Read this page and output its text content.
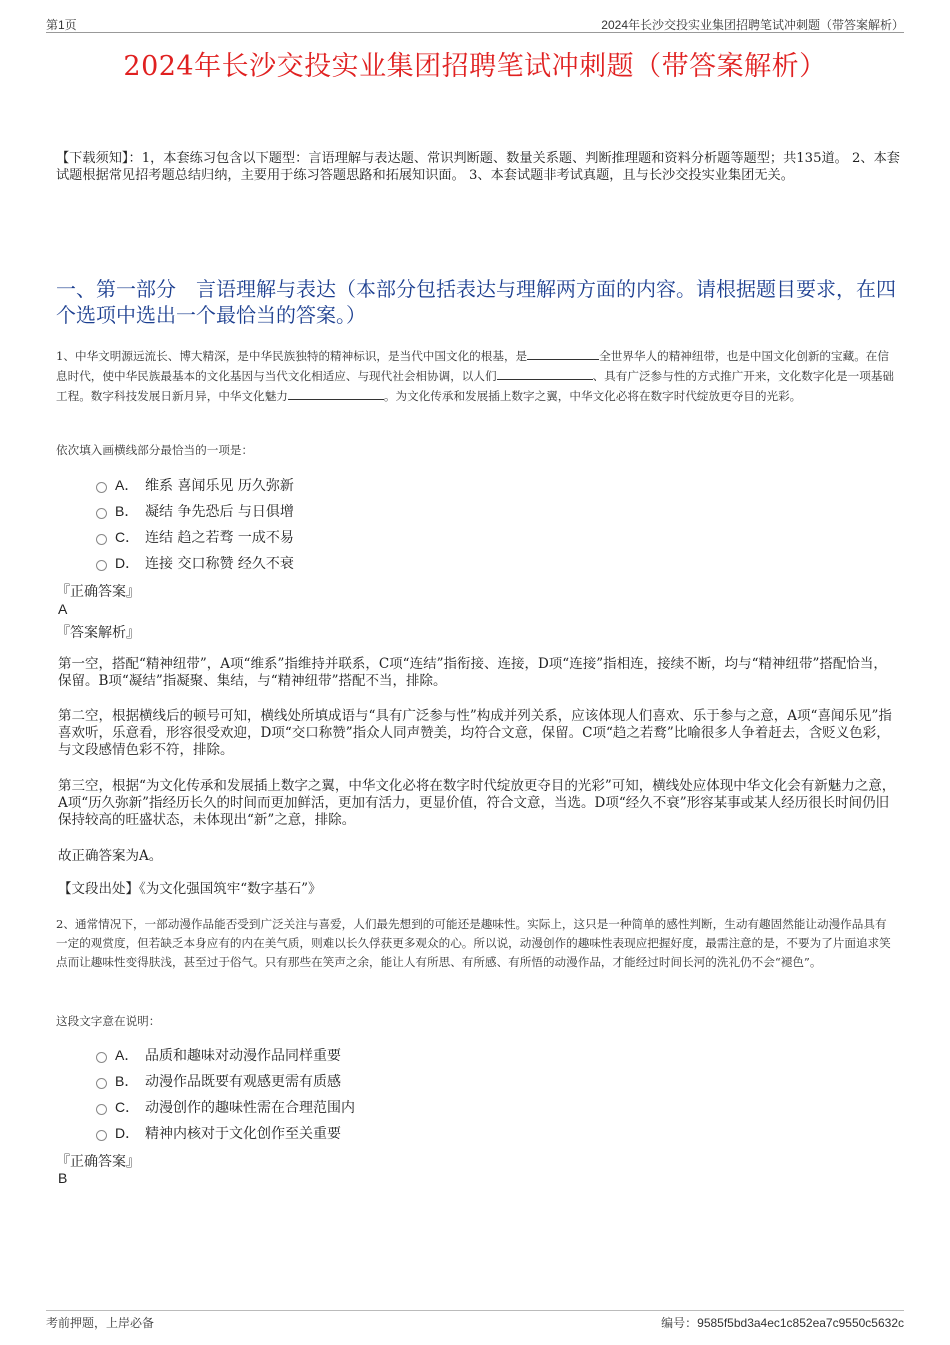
第1页	2024年长沙交投实业集团招聘笔试冲刺题（带答案解析）
2024年长沙交投实业集团招聘笔试冲刺题（带答案解析）
【下载须知】：1，本套练习包含以下题型：言语理解与表达题、常识判断题、数量关系题、判断推理题和资料分析题等题型；共135道。 2、本套试题根据常见招考题总结归纳，主要用于练习答题思路和拓展知识面。 3、本套试题非考试真题，且与长沙交投实业集团无关。
一、第一部分　言语理解与表达（本部分包括表达与理解两方面的内容。请根据题目要求，在四个选项中选出一个最恰当的答案。）
1、中华文明源远流长、博大精深，是中华民族独特的精神标识，是当代中国文化的根基，是	全世界华人的精神纽带，也是中国文化创新的宝藏。在信息时代，使中华民族最基本的文化基因与当代文化相适应、与现代社会相协调，以人们	、具有广泛参与性的方式推广开来，文化数字化是一项基础工程。数字科技发展日新月异，中华文化魅力	。为文化传承和发展插上数字之翼，中华文化必将在数字时代绽放更夺目的光彩。
依次填入画横线部分最恰当的一项是：
A． 维系 喜闻乐见 历久弥新
B． 凝结 争先恐后 与日俱增
C． 连结 趋之若骛 一成不易
D． 连接 交口称赞 经久不衰
『正确答案』
A
『答案解析』
第一空，搭配“精神纽带”，A项“维系”指维持并联系，C项“连结”指衔接、连接，D项“连接”指相连，接续不断，均与“精神纽带”搭配恰当，保留。B项“凝结”指凝聚、集结，与“精神纽带”搭配不当，排除。
第二空，根据横线后的顿号可知，横线处所填成语与“具有广泛参与性”构成并列关系，应该体现人们喜欢、乐于参与之意，A项“喜闻乐见”指喜欢听，乐意看，形容很受欢迎，D项“交口称赞”指众人同声赞美，均符合文意，保留。C项“趋之若鹜”比喻很多人争着赶去，含贬义色彩，与文段感情色彩不符，排除。
第三空，根据“为文化传承和发展插上数字之翼，中华文化必将在数字时代绽放更夺目的光彩”可知，横线处应体现中华文化会有新魅力之意，A项“历久弥新”指经历长久的时间而更加鲜活，更加有活力，更显价值，符合文意，当选。D项“经久不衰”形容某事或某人经历很长时间仍旧保持较高的旺盛状态，未体现出“新”之意，排除。
故正确答案为A。
【文段出处】《为文化强国筑牢“数字基石”》
2、通常情况下，一部动漫作品能否受到广泛关注与喜爱，人们最先想到的可能还是趣味性。实际上，这只是一种简单的感性判断，生动有趣固然能让动漫作品具有一定的观赏度，但若缺乏本身应有的内在美气质，则难以长久俘获更多观众的心。所以说，动漫创作的趣味性表现应把握好度，最需注意的是，不要为了片面追求笑点而让趣味性变得肤浅，甚至过于俗气。只有那些在笑声之余，能让人有所思、有所感、有所悟的动漫作品，才能经过时间长河的洗礼仍不会“褪色”。
这段文字意在说明：
A． 品质和趣味对动漫作品同样重要
B． 动漫作品既要有观感更需有质感
C． 动漫创作的趣味性需在合理范围内
D． 精神内核对于文化创作至关重要
『正确答案』
B
考前押题，上岸必备	编号：9585f5bd3a4ec1c852ea7c9550c5632c
